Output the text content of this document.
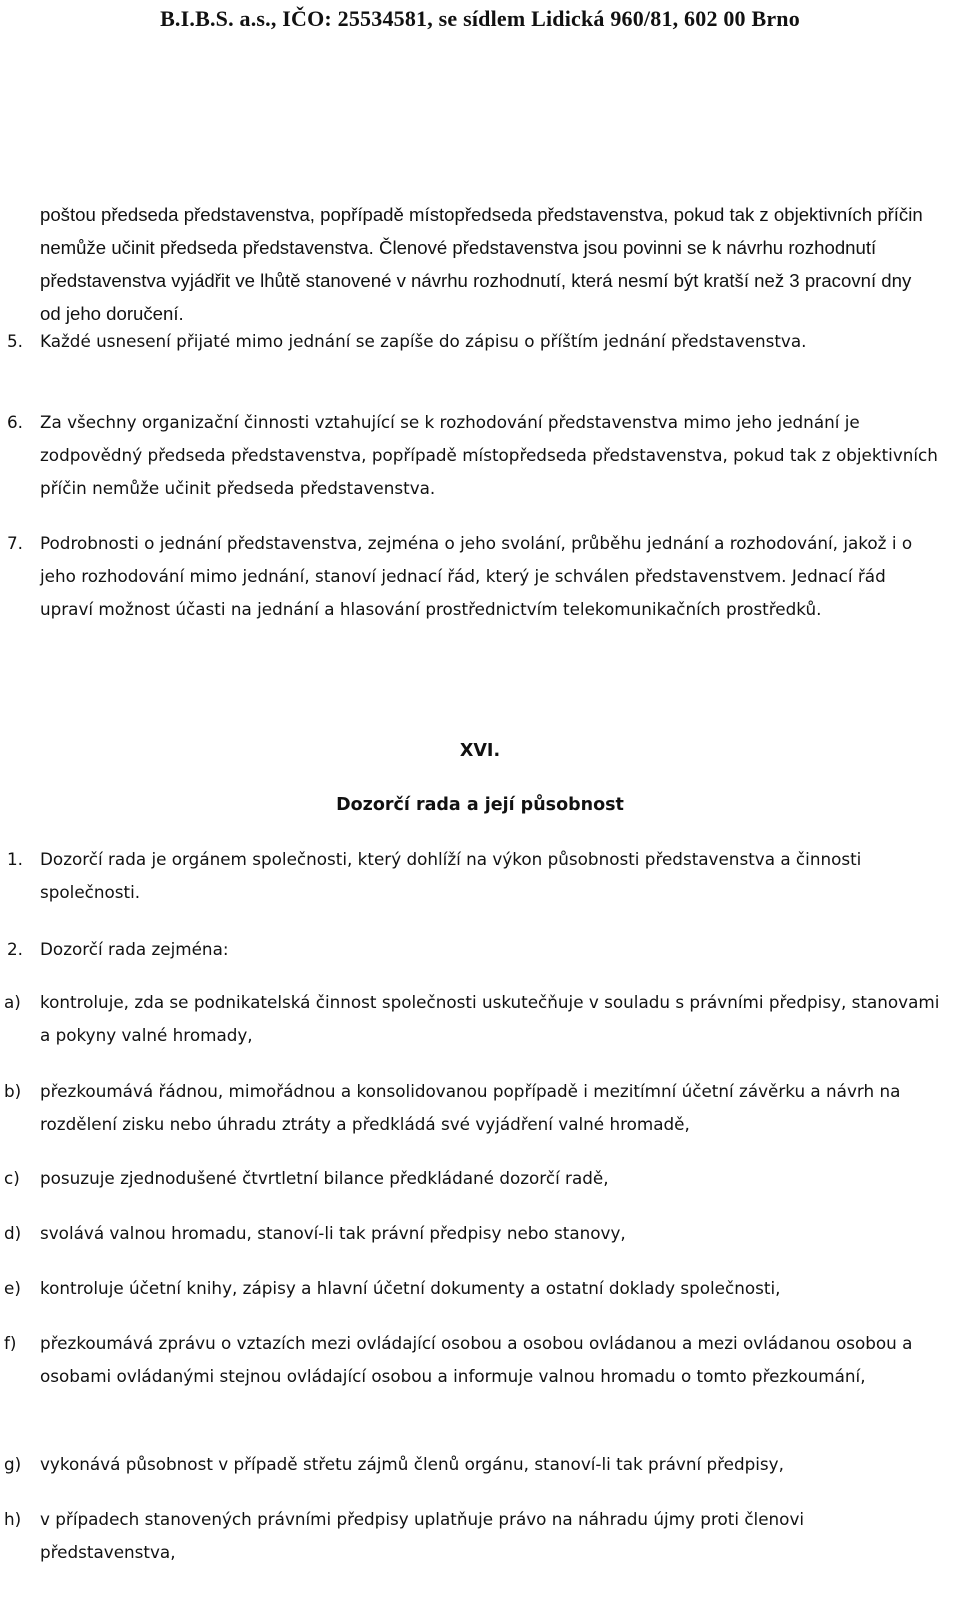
B.I.B.S. a.s., IČO: 25534581, se sídlem Lidická 960/81, 602 00 Brno
poštou předseda představenstva, popřípadě místopředseda představenstva, pokud tak z objektivních příčin nemůže učinit předseda představenstva. Členové představenstva jsou povinni se k návrhu rozhodnutí představenstva vyjádřit ve lhůtě stanovené v návrhu rozhodnutí, která nesmí být kratší než 3 pracovní dny od jeho doručení.
5. Každé usnesení přijaté mimo jednání se zapíše do zápisu o příštím jednání představenstva.
6. Za všechny organizační činnosti vztahující se k rozhodování představenstva mimo jeho jednání je zodpovědný předseda představenstva, popřípadě místopředseda představenstva, pokud tak z objektivních příčin nemůže učinit předseda představenstva.
7. Podrobnosti o jednání představenstva, zejména o jeho svolání, průběhu jednání a rozhodování, jakož i o jeho rozhodování mimo jednání, stanoví jednací řád, který je schválen představenstvem. Jednací řád upraví možnost účasti na jednání a hlasování prostřednictvím telekomunikačních prostředků.
XVI.
Dozorčí rada a její působnost
1. Dozorčí rada je orgánem společnosti, který dohlíží na výkon působnosti představenstva a činnosti společnosti.
2. Dozorčí rada zejména:
a) kontroluje, zda se podnikatelská činnost společnosti uskutečňuje v souladu s právními předpisy, stanovami a pokyny valné hromady,
b) přezkoumává řádnou, mimořádnou a konsolidovanou popřípadě i mezitímní účetní závěrku a návrh na rozdělení zisku nebo úhradu ztráty a předkládá své vyjádření valné hromadě,
c) posuzuje zjednodušené čtvrtletní bilance předkládané dozorčí radě,
d) svolává valnou hromadu, stanoví-li tak právní předpisy nebo stanovy,
e) kontroluje účetní knihy, zápisy a hlavní účetní dokumenty a ostatní doklady společnosti,
f) přezkoumává zprávu o vztazích mezi ovládající osobou a osobou ovládanou a mezi ovládanou osobou a osobami ovládanými stejnou ovládající osobou a informuje valnou hromadu o tomto přezkoumání,
g) vykonává působnost v případě střetu zájmů členů orgánu, stanoví-li tak právní předpisy,
h) v případech stanovených právními předpisy uplatňuje právo na náhradu újmy proti členovi představenstva,
